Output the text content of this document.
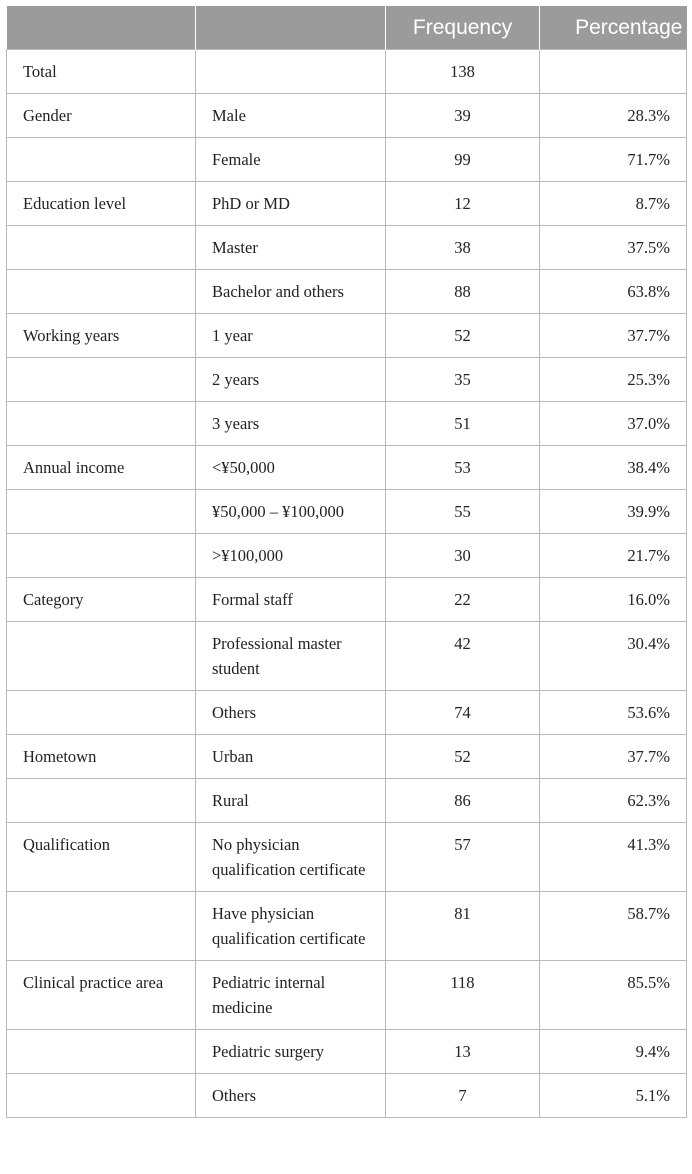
		Frequency	Percentage
Total		138	
Gender	Male	39	28.3%
	Female	99	71.7%
Education level	PhD or MD	12	8.7%
	Master	38	37.5%
	Bachelor and others	88	63.8%
Working years	1 year	52	37.7%
	2 years	35	25.3%
	3 years	51	37.0%
Annual income	<¥50,000	53	38.4%
	¥50,000 – ¥100,000	55	39.9%
	>¥100,000	30	21.7%
Category	Formal staff	22	16.0%
	Professional master student	42	30.4%
	Others	74	53.6%
Hometown	Urban	52	37.7%
	Rural	86	62.3%
Qualification	No physician qualification certificate	57	41.3%
	Have physician qualification certificate	81	58.7%
Clinical practice area	Pediatric internal medicine	118	85.5%
	Pediatric surgery	13	9.4%
	Others	7	5.1%
